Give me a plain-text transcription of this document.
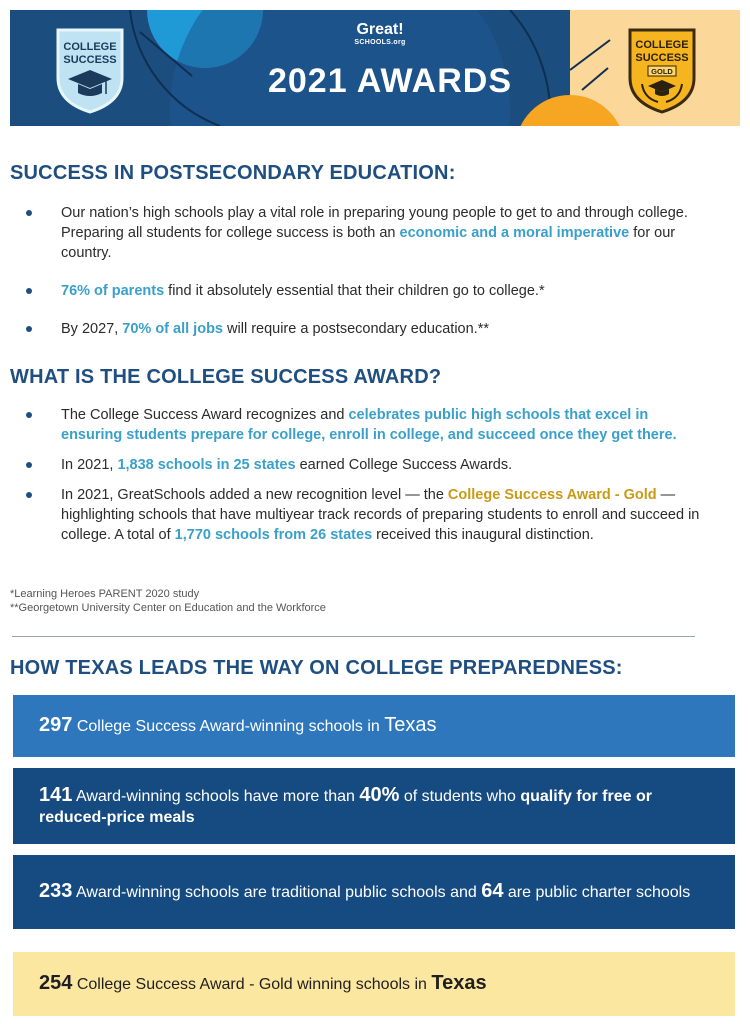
COLLEGE
SUCCESS
Great!
SCHOOLS.org
2021 AWARDS
COLLEGE
SUCCESS
GOLD
SUCCESS IN POSTSECONDARY EDUCATION:
Our nation’s high schools play a vital role in preparing young people to get to and through college. Preparing all students for college success is both an economic and a moral imperative for our country.
76% of parents find it absolutely essential that their children go to college.*
By 2027, 70% of all jobs will require a postsecondary education.**
WHAT IS THE COLLEGE SUCCESS AWARD?
The College Success Award recognizes and celebrates public high schools that excel in ensuring students prepare for college, enroll in college, and succeed once they get there.
In 2021, 1,838 schools in 25 states earned College Success Awards.
In 2021, GreatSchools added a new recognition level — the College Success Award - Gold — highlighting schools that have multiyear track records of preparing students to enroll and succeed in college. A total of 1,770 schools from 26 states received this inaugural distinction.
*Learning Heroes PARENT 2020 study
**Georgetown University Center on Education and the Workforce
HOW TEXAS LEADS THE WAY ON COLLEGE PREPAREDNESS:
297 College Success Award-winning schools in Texas
141 Award-winning schools have more than 40% of students who qualify for free or reduced-price meals
233 Award-winning schools are traditional public schools and 64 are public charter schools
254 College Success Award - Gold winning schools in Texas
